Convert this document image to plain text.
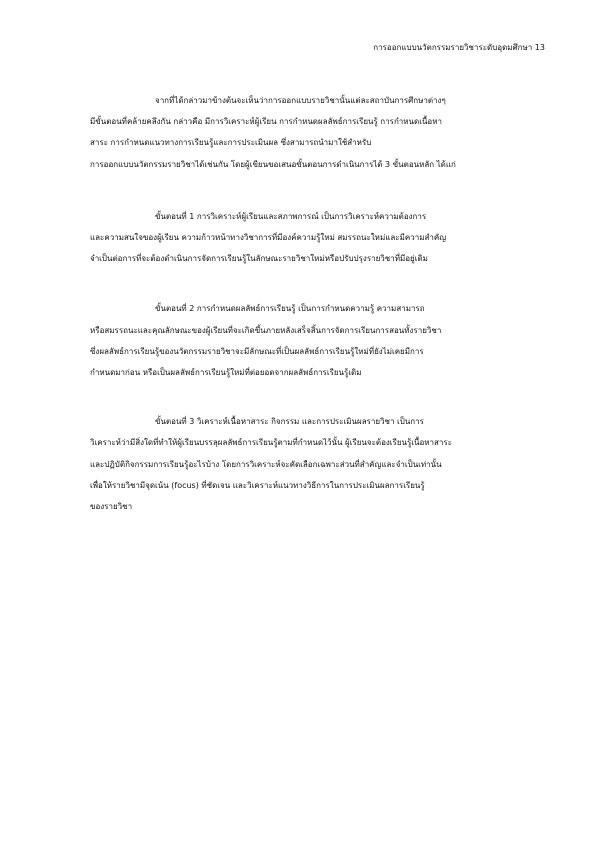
การออกแบบนวัตกรรมรายวิชาระดับอุดมศึกษา 13

จากที่ได้กล่าวมาข้างต้นจะเห็นว่าการออกแบบรายวิชานั้นแต่ละสถาบันการศึกษาต่างๆ
มีขั้นตอนที่คล้ายคลึงกัน กล่าวคือ มีการวิเคราะห์ผู้เรียน การกำหนดผลลัพธ์การเรียนรู้ การกำหนดเนื้อหา
สาระ การกำหนดแนวทางการเรียนรู้และการประเมินผล ซึ่งสามารถนำมาใช้สำหรับ
การออกแบบนวัตกรรมรายวิชาได้เช่นกัน โดยผู้เขียนขอเสนอขั้นตอนการดำเนินการได้ 3 ขั้นตอนหลัก ได้แก่

ขั้นตอนที่ 1 การวิเคราะห์ผู้เรียนและสภาพการณ์ เป็นการวิเคราะห์ความต้องการ
และความสนใจของผู้เรียน ความก้าวหน้าทางวิชาการที่มีองค์ความรู้ใหม่ สมรรถนะใหม่และมีความสำคัญ
จำเป็นต่อการที่จะต้องดำเนินการจัดการเรียนรู้ในลักษณะรายวิชาใหม่หรือปรับปรุงรายวิชาที่มีอยู่เดิม

ขั้นตอนที่ 2 การกำหนดผลลัพธ์การเรียนรู้ เป็นการกำหนดความรู้ ความสามารถ
หรือสมรรถนะและคุณลักษณะของผู้เรียนที่จะเกิดขึ้นภายหลังเสร็จสิ้นการจัดการเรียนการสอนทั้งรายวิชา
ซึ่งผลลัพธ์การเรียนรู้ของนวัตกรรมรายวิชาจะมีลักษณะที่เป็นผลลัพธ์การเรียนรู้ใหม่ที่ยังไม่เคยมีการ
กำหนดมาก่อน หรือเป็นผลลัพธ์การเรียนรู้ใหม่ที่ต่อยอดจากผลลัพธ์การเรียนรู้เดิม

ขั้นตอนที่ 3 วิเคราะห์เนื้อหาสาระ กิจกรรม และการประเมินผลรายวิชา เป็นการ
วิเคราะห์ว่ามีสิ่งใดที่ทำให้ผู้เรียนบรรลุผลลัพธ์การเรียนรู้ตามที่กำหนดไว้นั้น ผู้เรียนจะต้องเรียนรู้เนื้อหาสาระ
และปฏิบัติกิจกรรมการเรียนรู้อะไรบ้าง โดยการวิเคราะห์จะคัดเลือกเฉพาะส่วนที่สำคัญและจำเป็นเท่านั้น
เพื่อให้รายวิชามีจุดเน้น (focus) ที่ชัดเจน และวิเคราะห์แนวทางวิธีการในการประเมินผลการเรียนรู้
ของรายวิชา
